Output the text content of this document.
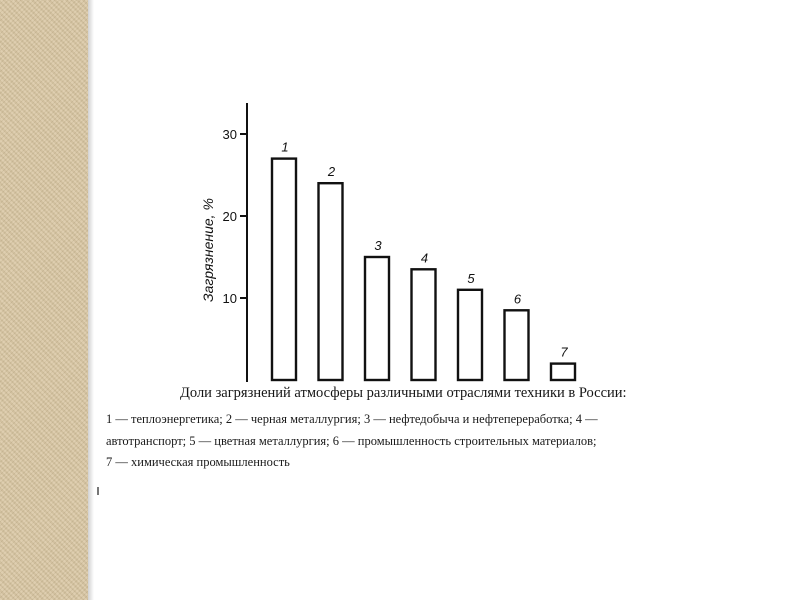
10
20
30
1
2
3
4
5
6
7
Загрязнение, %
Доли загрязнений атмосферы различными отраслями техники в России:
1 — теплоэнергетика; 2 — черная металлургия; 3 — нефтедобыча и нефтепереработка; 4 —
автотранспорт; 5 — цветная металлургия; 6 — промышленность строительных материалов;
7 — химическая промышленность
